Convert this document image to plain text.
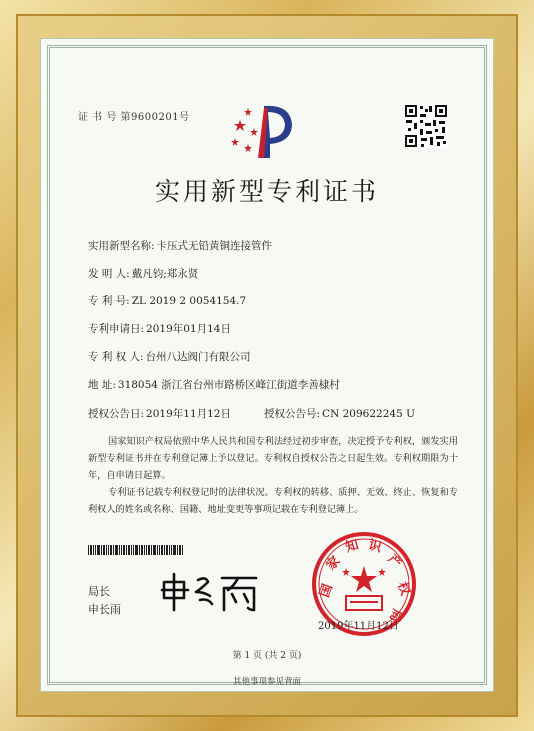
证 书 号 第9600201号
实用新型专利证书
实用新型名称: 卡压式无铅黄铜连接管件
发 明 人: 戴凡钧;郑永贤
专 利 号: ZL 2019 2 0054154.7
专利申请日: 2019年01月14日
专 利 权 人: 台州八达阀门有限公司
地 址: 318054 浙江省台州市路桥区峰江街道李善棣村
授权公告日: 2019年11月12日	授权公告号: CN 209622245 U
国家知识产权局依照中华人民共和国专利法经过初步审查，决定授予专利权，颁发实用新型专利证书并在专利登记簿上予以登记。专利权自授权公告之日起生效。专利权期限为十年，自申请日起算。
专利证书记载专利权登记时的法律状况。专利权的转移、质押、无效、终止、恢复和专利权人的姓名或名称、国籍、地址变更等事项记载在专利登记簿上。
局长
申长雨
国
家
知 识
产
权
局
2019年11月12日
第 1 页 (共 2 页)
其他事项参见背面
